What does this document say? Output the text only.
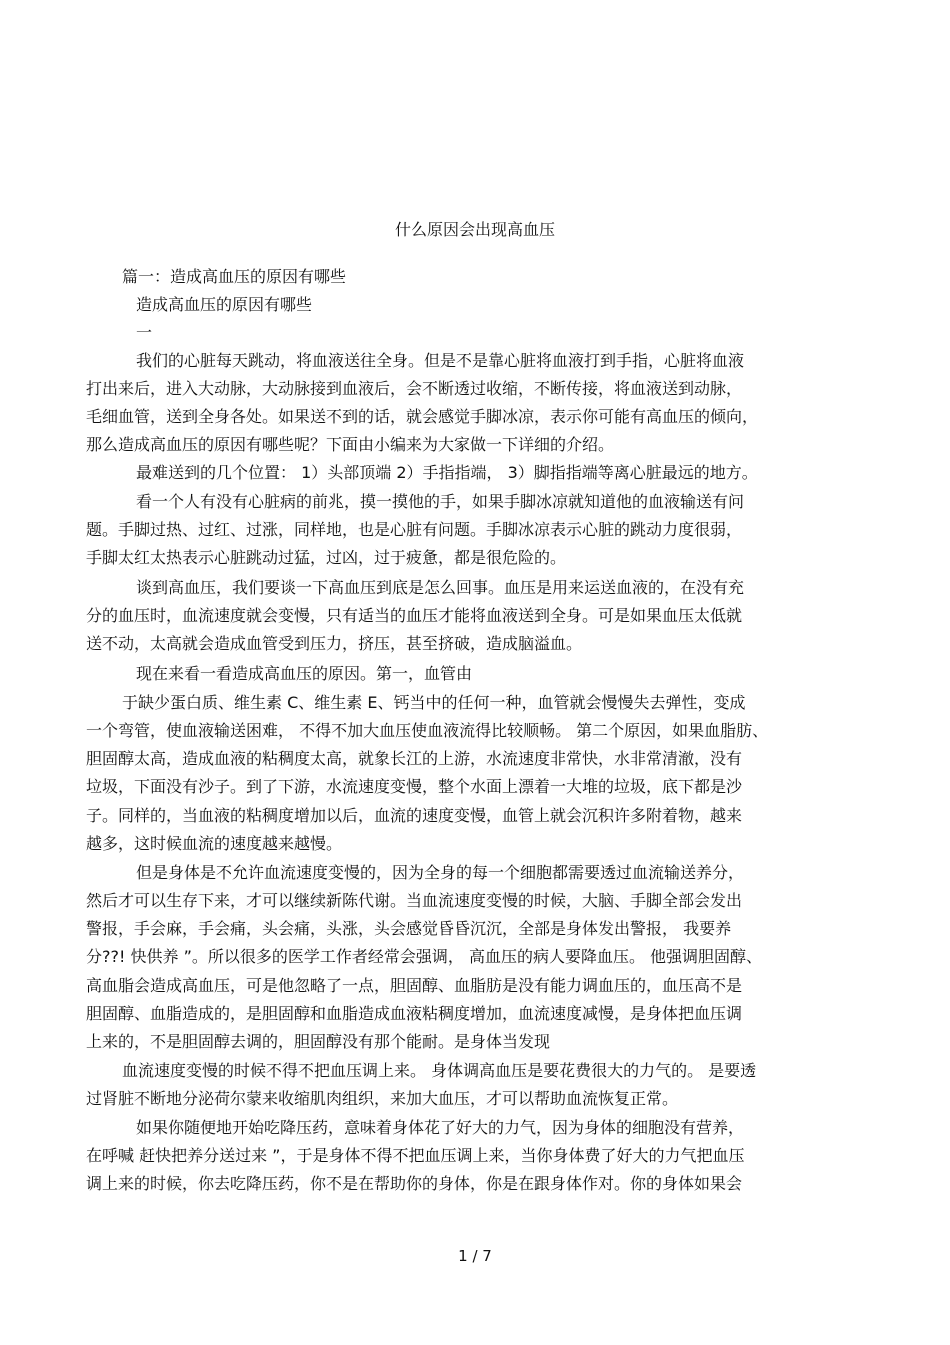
什么原因会出现高血压
篇一：造成高血压的原因有哪些
造成高血压的原因有哪些
一
我们的心脏每天跳动，将血液送往全身。但是不是靠心脏将血液打到手指，心脏将血液
打出来后，进入大动脉，大动脉接到血液后，会不断透过收缩，不断传接，将血液送到动脉，
毛细血管，送到全身各处。如果送不到的话，就会感觉手脚冰凉，表示你可能有高血压的倾向，
那么造成高血压的原因有哪些呢？下面由小编来为大家做一下详细的介绍。
最难送到的几个位置： 1）头部顶端 2）手指指端， 3）脚指指端等离心脏最远的地方。
看一个人有没有心脏病的前兆，摸一摸他的手，如果手脚冰凉就知道他的血液输送有问
题。手脚过热、过红、过涨，同样地，也是心脏有问题。手脚冰凉表示心脏的跳动力度很弱，
手脚太红太热表示心脏跳动过猛，过凶，过于疲惫，都是很危险的。
谈到高血压，我们要谈一下高血压到底是怎么回事。血压是用来运送血液的，在没有充
分的血压时，血流速度就会变慢，只有适当的血压才能将血液送到全身。可是如果血压太低就
送不动，太高就会造成血管受到压力，挤压，甚至挤破，造成脑溢血。
现在来看一看造成高血压的原因。第一，血管由
于缺少蛋白质、维生素 C、维生素 E、钙当中的任何一种，血管就会慢慢失去弹性，变成
一个弯管，使血液输送困难， 不得不加大血压使血液流得比较顺畅。 第二个原因，如果血脂肪、
胆固醇太高，造成血液的粘稠度太高，就象长江的上游，水流速度非常快，水非常清澈，没有
垃圾，下面没有沙子。到了下游，水流速度变慢，整个水面上漂着一大堆的垃圾，底下都是沙
子。同样的，当血液的粘稠度增加以后，血流的速度变慢，血管上就会沉积许多附着物，越来
越多，这时候血流的速度越来越慢。
但是身体是不允许血流速度变慢的，因为全身的每一个细胞都需要透过血流输送养分，
然后才可以生存下来，才可以继续新陈代谢。当血流速度变慢的时候，大脑、手脚全部会发出
警报，手会麻，手会痛，头会痛，头涨，头会感觉昏昏沉沉，全部是身体发出警报， 我要养
分??! 快供养 ”。所以很多的医学工作者经常会强调， 高血压的病人要降血压。 他强调胆固醇、
高血脂会造成高血压，可是他忽略了一点，胆固醇、血脂肪是没有能力调血压的，血压高不是
胆固醇、血脂造成的，是胆固醇和血脂造成血液粘稠度增加，血流速度减慢，是身体把血压调
上来的，不是胆固醇去调的，胆固醇没有那个能耐。是身体当发现
血流速度变慢的时候不得不把血压调上来。 身体调高血压是要花费很大的力气的。 是要透
过肾脏不断地分泌荷尔蒙来收缩肌肉组织，来加大血压，才可以帮助血流恢复正常。
如果你随便地开始吃降压药，意味着身体花了好大的力气，因为身体的细胞没有营养，
在呼喊 赶快把养分送过来 ”，于是身体不得不把血压调上来，当你身体费了好大的力气把血压
调上来的时候，你去吃降压药，你不是在帮助你的身体，你是在跟身体作对。你的身体如果会
1 / 7
